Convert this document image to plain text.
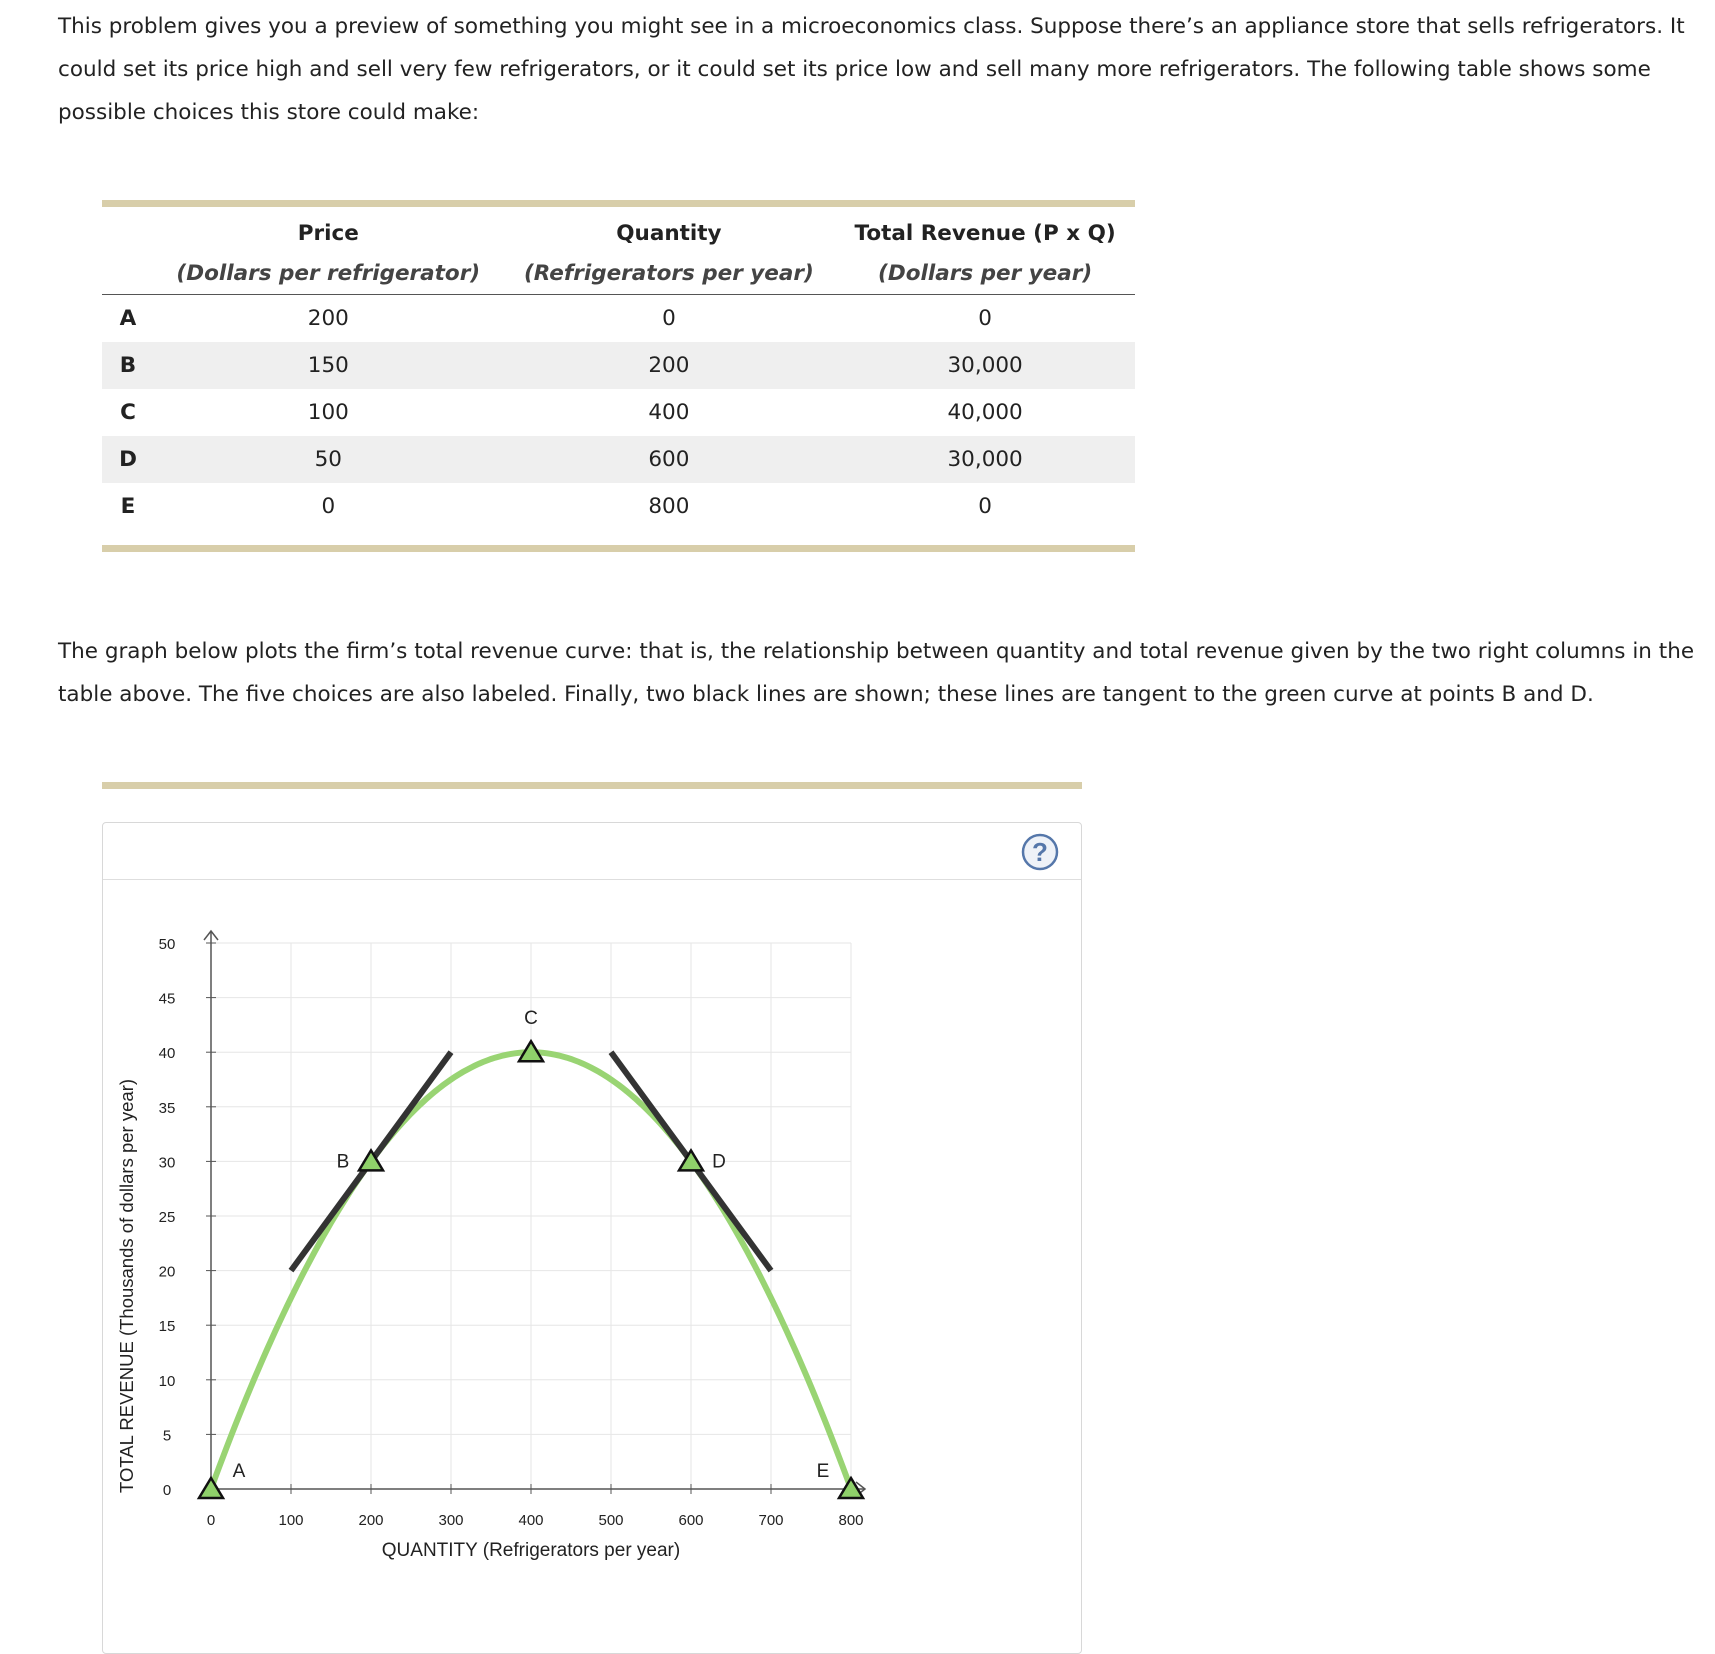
This problem gives you a preview of something you might see in a microeconomics class. Suppose there’s an appliance store that sells refrigerators. It could set its price high and sell very few refrigerators, or it could set its price low and sell many more refrigerators. The following table shows some possible choices this store could make:

	Price	Quantity	Total Revenue (P x Q)
	(Dollars per refrigerator)	(Refrigerators per year)	(Dollars per year)
A	200	0	0
B	150	200	30,000
C	100	400	40,000
D	50	600	30,000
E	0	800	0

The graph below plots the firm’s total revenue curve: that is, the relationship between quantity and total revenue given by the two right columns in the table above. The five choices are also labeled. Finally, two black lines are shown; these lines are tangent to the green curve at points B and D.

?
0
5
10
15
20
25
30
35
40
45
50
0	100	200	300	400	500	600	700	800
QUANTITY (Refrigerators per year)
TOTAL REVENUE (Thousands of dollars per year)	A
B
C
D
E
